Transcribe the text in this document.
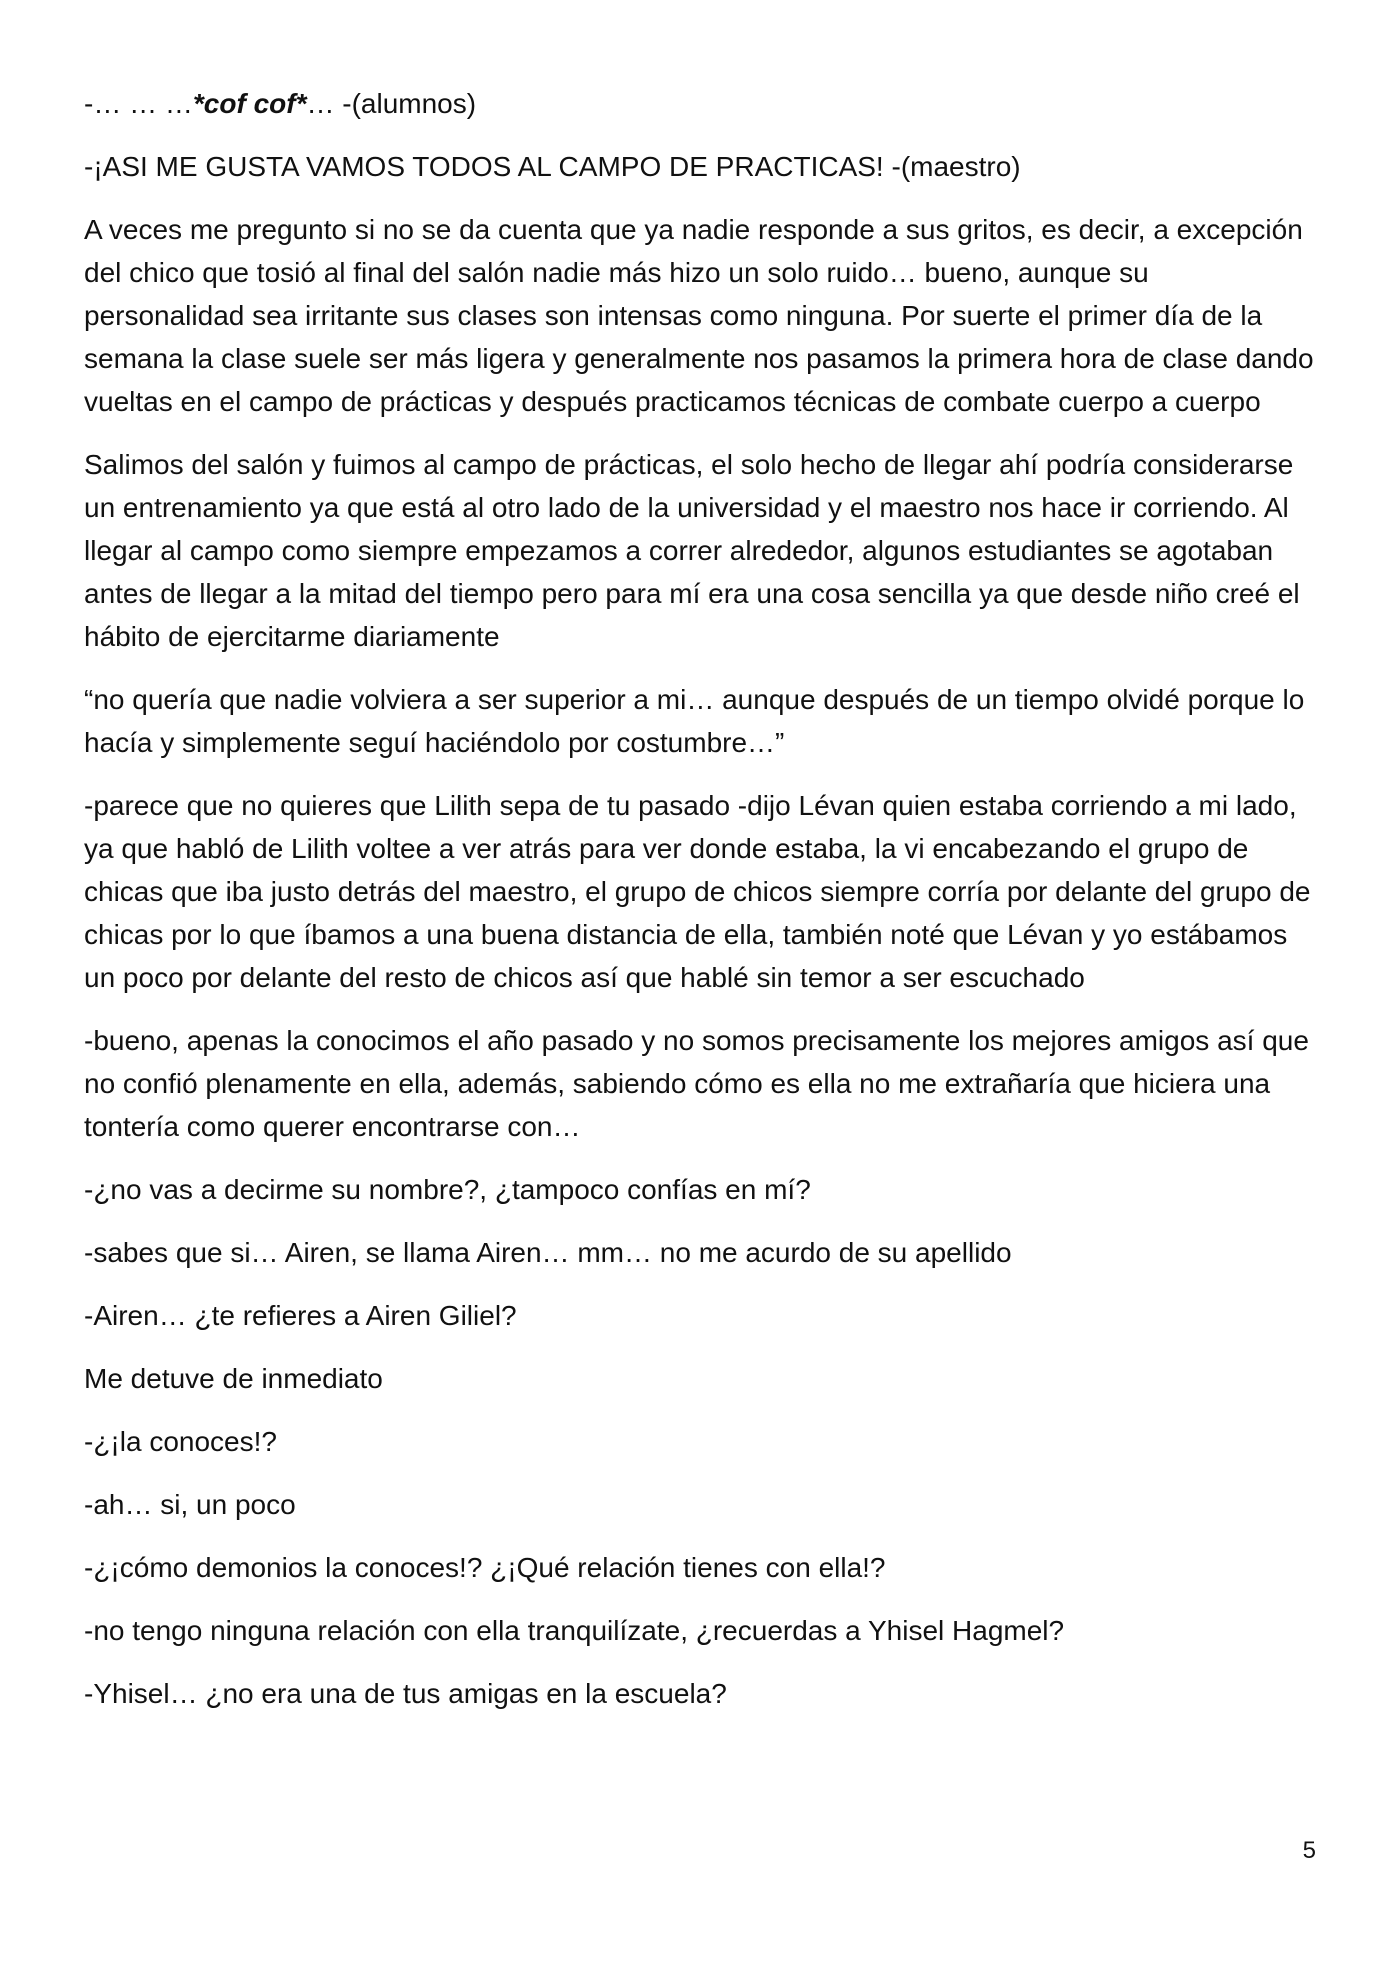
-… … …*cof cof*… -(alumnos)

-¡ASI ME GUSTA VAMOS TODOS AL CAMPO DE PRACTICAS! -(maestro)

A veces me pregunto si no se da cuenta que ya nadie responde a sus gritos, es decir, a excepción del chico que tosió al final del salón nadie más hizo un solo ruido… bueno, aunque su personalidad sea irritante sus clases son intensas como ninguna. Por suerte el primer día de la semana la clase suele ser más ligera y generalmente nos pasamos la primera hora de clase dando vueltas en el campo de prácticas y después practicamos técnicas de combate cuerpo a cuerpo

Salimos del salón y fuimos al campo de prácticas, el solo hecho de llegar ahí podría considerarse un entrenamiento ya que está al otro lado de la universidad y el maestro nos hace ir corriendo. Al llegar al campo como siempre empezamos a correr alrededor, algunos estudiantes se agotaban antes de llegar a la mitad del tiempo pero para mí era una cosa sencilla ya que desde niño creé el hábito de ejercitarme diariamente

“no quería que nadie volviera a ser superior a mi… aunque después de un tiempo olvidé porque lo hacía y simplemente seguí haciéndolo por costumbre…”

-parece que no quieres que Lilith sepa de tu pasado -dijo Lévan quien estaba corriendo a mi lado, ya que habló de Lilith voltee a ver atrás para ver donde estaba, la vi encabezando el grupo de chicas que iba justo detrás del maestro, el grupo de chicos siempre corría por delante del grupo de chicas por lo que íbamos a una buena distancia de ella, también noté que Lévan y yo estábamos un poco por delante del resto de chicos así que hablé sin temor a ser escuchado

-bueno, apenas la conocimos el año pasado y no somos precisamente los mejores amigos así que no confió plenamente en ella, además, sabiendo cómo es ella no me extrañaría que hiciera una tontería como querer encontrarse con…

-¿no vas a decirme su nombre?, ¿tampoco confías en mí?

-sabes que si… Airen, se llama Airen… mm… no me acurdo de su apellido

-Airen… ¿te refieres a Airen Giliel?

Me detuve de inmediato

-¿¡la conoces!?

-ah… si, un poco

-¿¡cómo demonios la conoces!? ¿¡Qué relación tienes con ella!?

-no tengo ninguna relación con ella tranquilízate, ¿recuerdas a Yhisel Hagmel?

-Yhisel… ¿no era una de tus amigas en la escuela?

5
